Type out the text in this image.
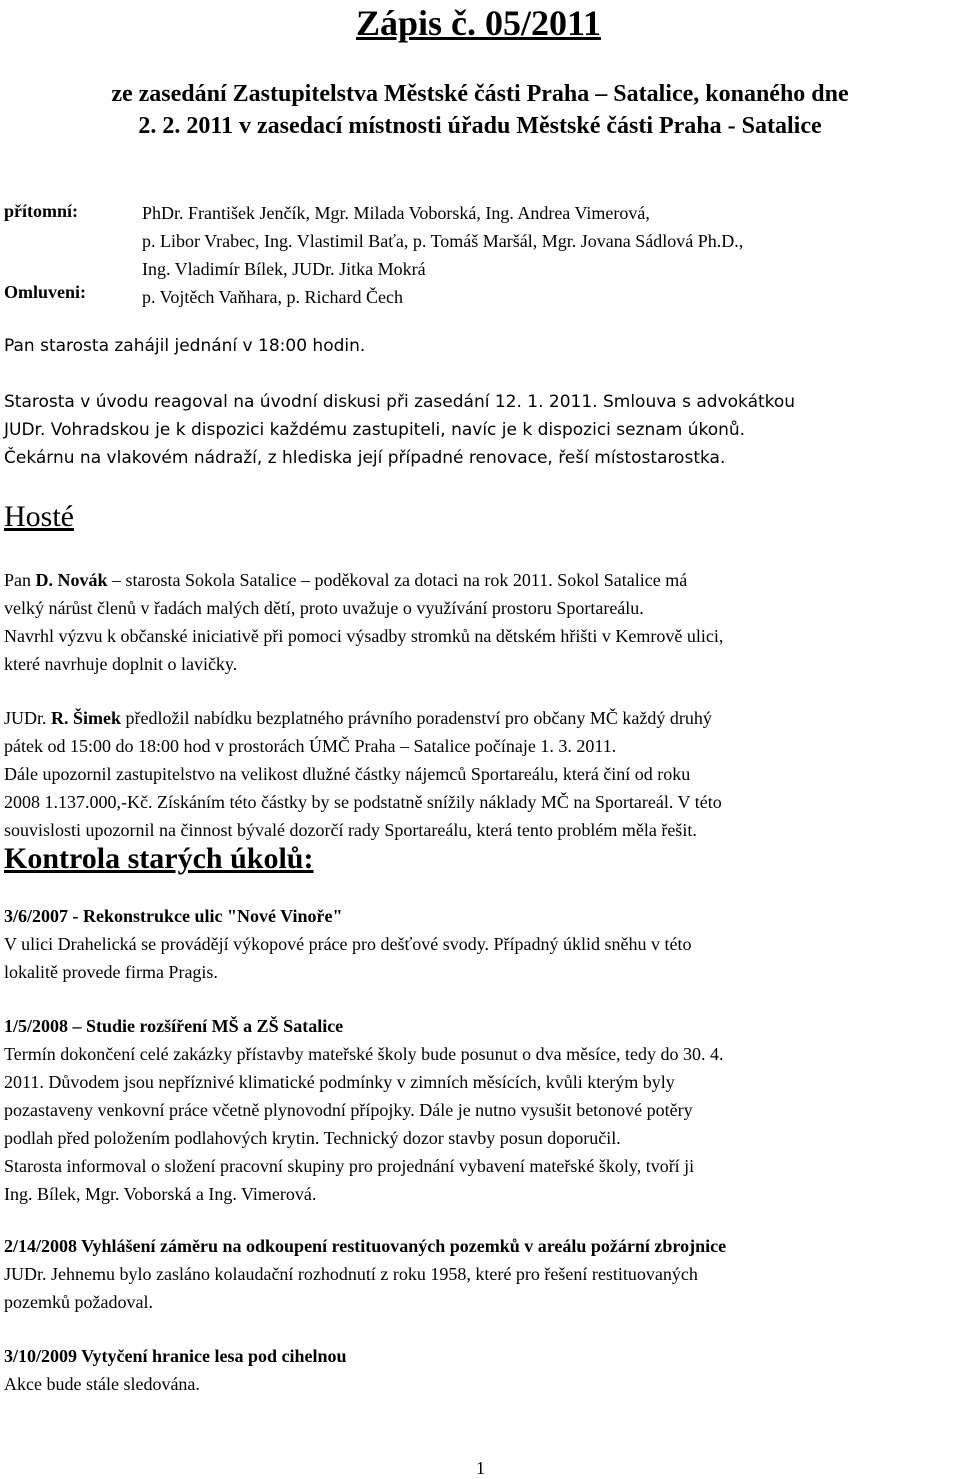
Zápis č. 05/2011
ze zasedání Zastupitelstva Městské části Praha – Satalice, konaného dne
2. 2. 2011 v zasedací místnosti úřadu Městské části Praha - Satalice
přítomní:	PhDr. František Jenčík, Mgr. Milada Voborská, Ing. Andrea Vimerová,
p. Libor Vrabec, Ing. Vlastimil Baťa, p. Tomáš Maršál, Mgr. Jovana Sádlová Ph.D.,
Ing. Vladimír Bílek, JUDr. Jitka Mokrá
p. Vojtěch Vaňhara, p. Richard Čech
Omluveni:
Pan starosta zahájil jednání v 18:00 hodin.
Starosta v úvodu reagoval na úvodní diskusi při zasedání 12. 1. 2011. Smlouva s advokátkou
JUDr. Vohradskou je k dispozici každému zastupiteli, navíc je k dispozici seznam úkonů.
Čekárnu na vlakovém nádraží, z hlediska její případné renovace, řeší místostarostka.
Hosté
Pan D. Novák – starosta Sokola Satalice – poděkoval za dotaci na rok 2011. Sokol Satalice má
velký nárůst členů v řadách malých dětí, proto uvažuje o využívání prostoru Sportareálu.
Navrhl výzvu k občanské iniciativě při pomoci výsadby stromků na dětském hřišti v Kemrově ulici,
které navrhuje doplnit o lavičky.
JUDr. R. Šimek předložil nabídku bezplatného právního poradenství pro občany MČ každý druhý
pátek od 15:00 do 18:00 hod v prostorách ÚMČ Praha – Satalice počínaje 1. 3. 2011.
Dále upozornil zastupitelstvo na velikost dlužné částky nájemců Sportareálu, která činí od roku
2008 1.137.000,-Kč. Získáním této částky by se podstatně snížily náklady MČ na Sportareál. V této
souvislosti upozornil na činnost bývalé dozorčí rady Sportareálu, která tento problém měla řešit.
Kontrola starých úkolů:
3/6/2007 - Rekonstrukce ulic "Nové Vinoře"
V ulici Drahelická se provádějí výkopové práce pro dešťové svody. Případný úklid sněhu v této
lokalitě provede firma Pragis.
1/5/2008 – Studie rozšíření MŠ a ZŠ Satalice
Termín dokončení celé zakázky přístavby mateřské školy bude posunut o dva měsíce, tedy do 30. 4.
2011. Důvodem jsou nepříznivé klimatické podmínky v zimních měsících, kvůli kterým byly
pozastaveny venkovní práce včetně plynovodní přípojky. Dále je nutno vysušit betonové potěry
podlah před položením podlahových krytin. Technický dozor stavby posun doporučil.
Starosta informoval o složení pracovní skupiny pro projednání vybavení mateřské školy, tvoří ji
Ing. Bílek, Mgr. Voborská a Ing. Vimerová.
2/14/2008 Vyhlášení záměru na odkoupení restituovaných pozemků v areálu požární zbrojnice
JUDr. Jehnemu bylo zasláno kolaudační rozhodnutí z roku 1958, které pro řešení restituovaných
pozemků požadoval.
3/10/2009 Vytyčení hranice lesa pod cihelnou
Akce bude stále sledována.
1
